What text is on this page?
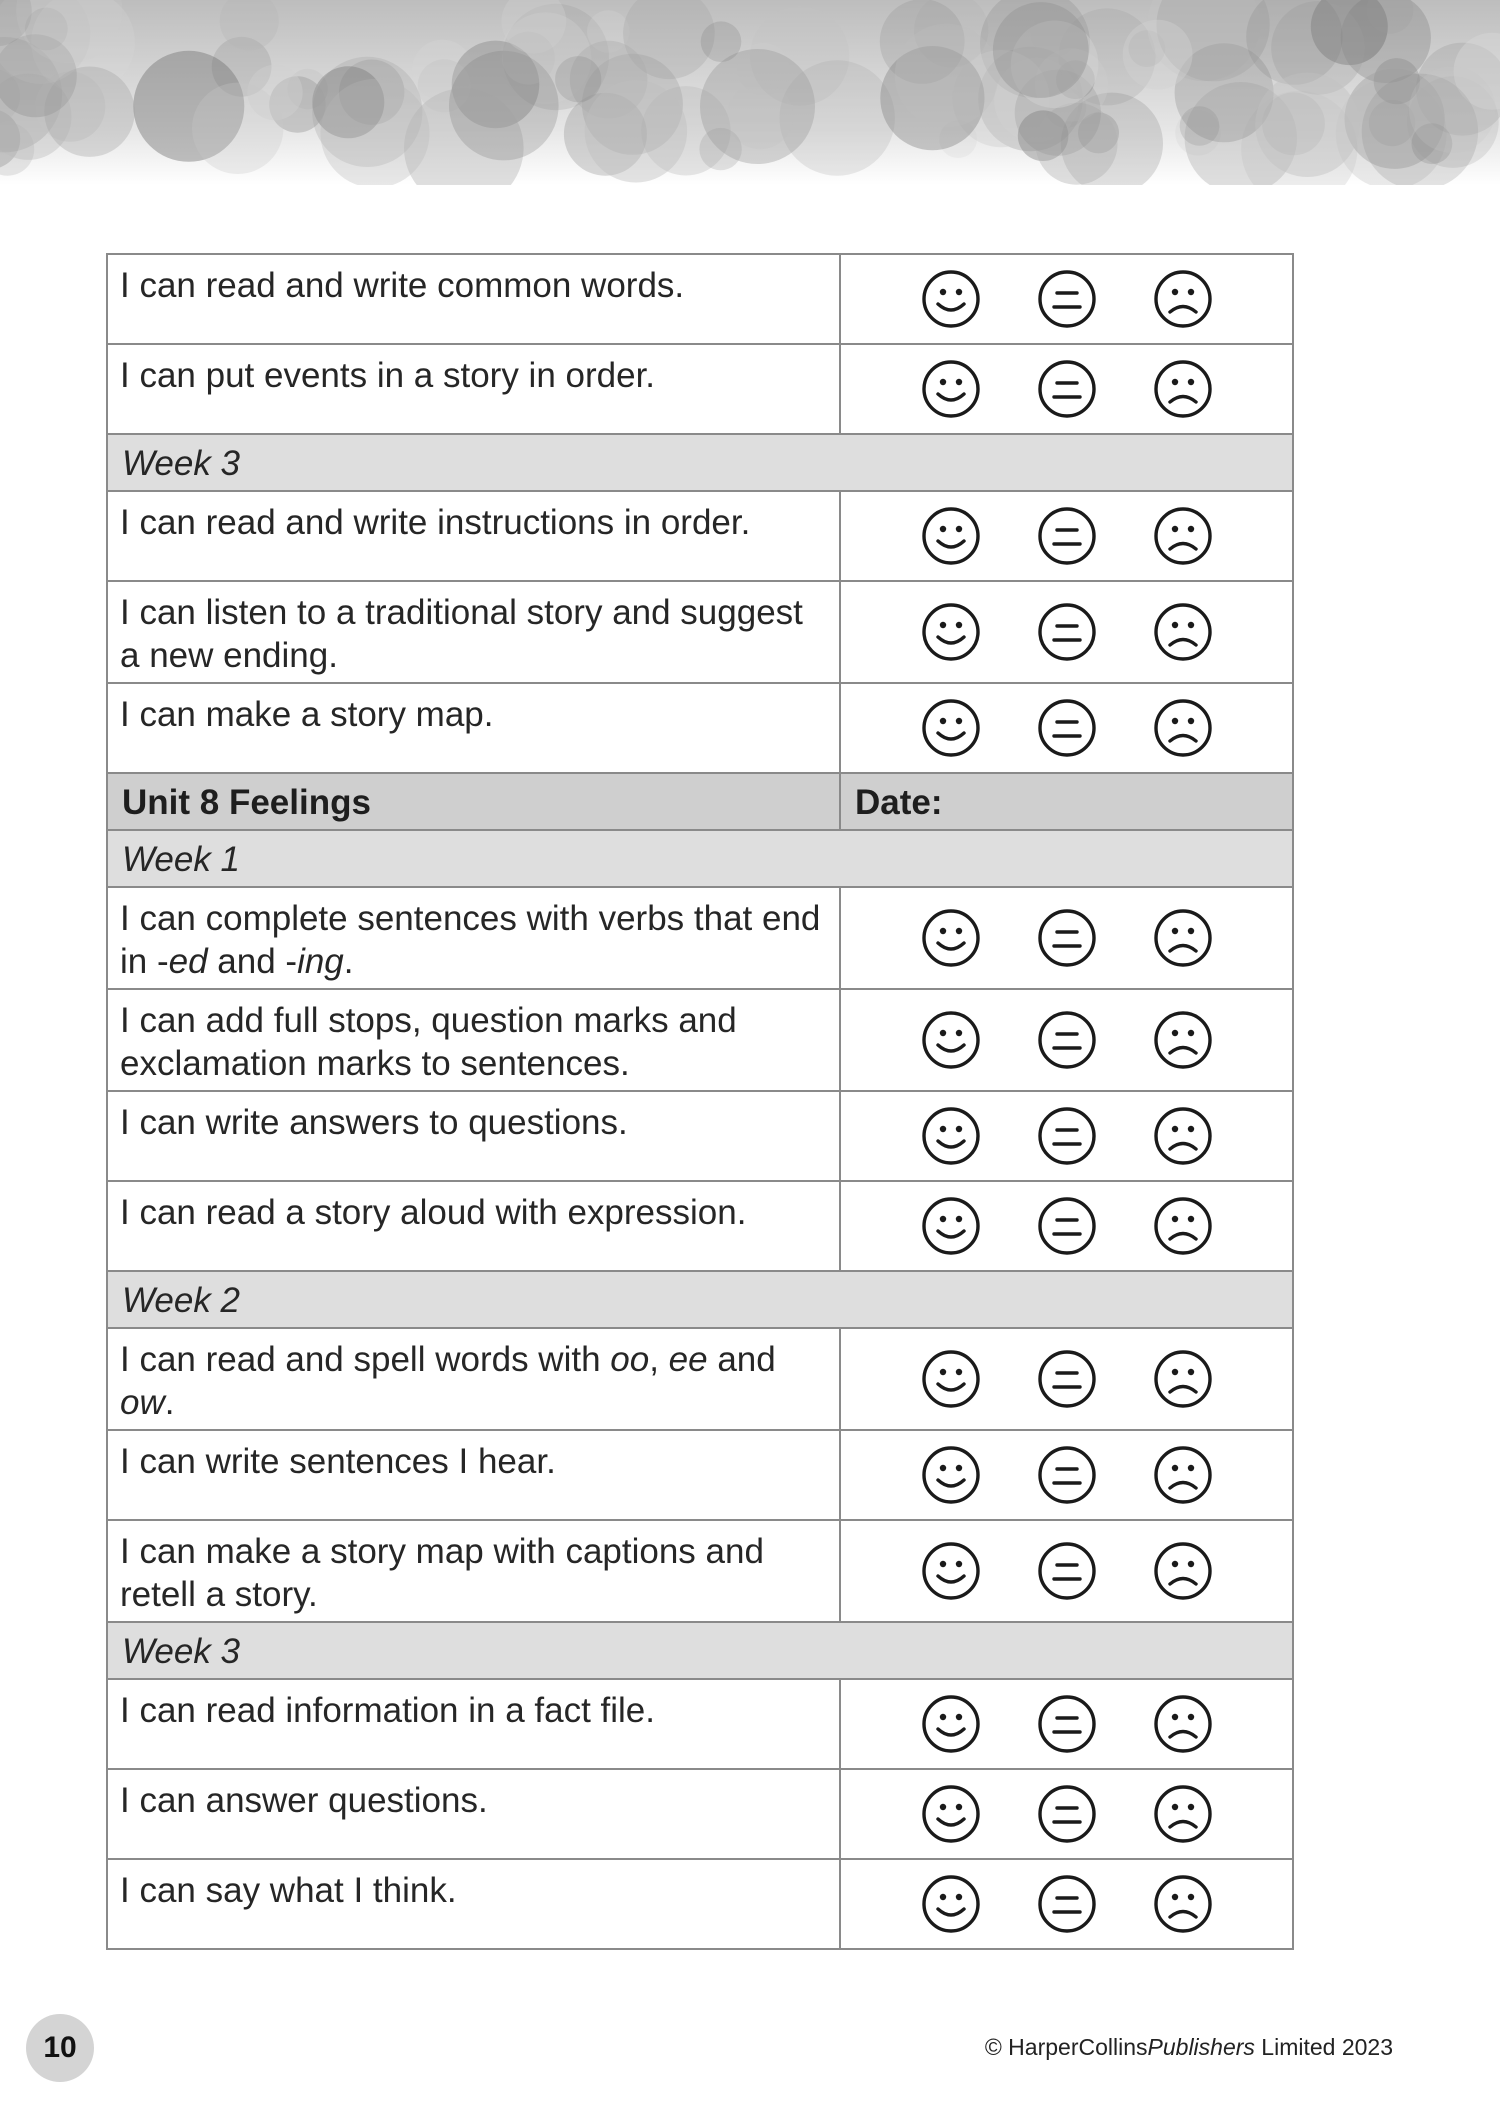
I can read and write common words.

I can put events in a story in order.

Week 3	

I can read and write instructions in order.

I can listen to a traditional story and suggest a new ending.

I can make a story map.

Unit 8 Feelings	Date:
Week 1	

I can complete sentences with verbs that end in -ed and -ing.

I can add full stops, question marks and exclamation marks to sentences.

I can write answers to questions.

I can read a story aloud with expression.

Week 2	

I can read and spell words with oo, ee and ow.

I can write sentences I hear.

I can make a story map with captions and retell a story.

Week 3	

I can read information in a fact file.

I can answer questions.

I can say what I think.

10	© HarperCollinsPublishers Limited 2023
